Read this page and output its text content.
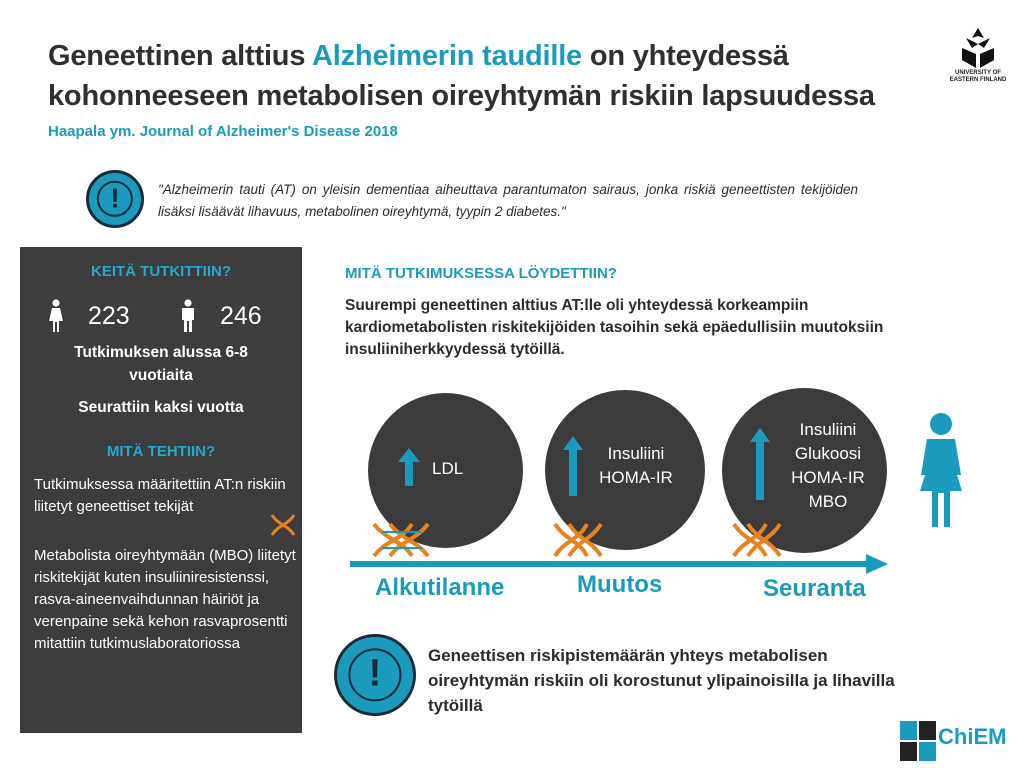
Geneettinen alttius Alzheimerin taudille on yhteydessä kohonneeseen metabolisen oireyhtymän riskiin lapsuudessa
Haapala ym. Journal of Alzheimer's Disease 2018
UNIVERSITY OF EASTERN FINLAND
!	"Alzheimerin tauti (AT) on yleisin dementiaa aiheuttava parantumaton sairaus, jonka riskiä geneettisten tekijöiden lisäksi lisäävät lihavuus, metabolinen oireyhtymä, tyypin 2 diabetes."
KEITÄ TUTKITTIIN?
223	246
Tutkimuksen alussa 6-8 vuotiaita
Seurattiin kaksi vuotta
MITÄ TEHTIIN?
Tutkimuksessa määritettiin AT:n riskiin liitetyt geneettiset tekijät
Metabolista oireyhtymään (MBO) liitetyt riskitekijät kuten insuliiniresistenssi, rasva-aineenvaihdunnan häiriöt ja verenpaine sekä kehon rasvaprosentti mitattiin tutkimuslaboratoriossa
MITÄ TUTKIMUKSESSA LÖYDETTIIN?
Suurempi geneettinen alttius AT:lle oli yhteydessä korkeampiin kardiometabolisten riskitekijöiden tasoihin sekä epäedullisiin muutoksiin insuliiniherkkyydessä tytöillä.
LDL
Insuliini
HOMA-IR
Insuliini
Glukoosi
HOMA-IR
MBO
Alkutilanne	Muutos	Seuranta
!	Geneettisen riskipistemäärän yhteys metabolisen oireyhtymän riskiin oli korostunut ylipainoisilla ja lihavilla tytöillä
ChiEM
